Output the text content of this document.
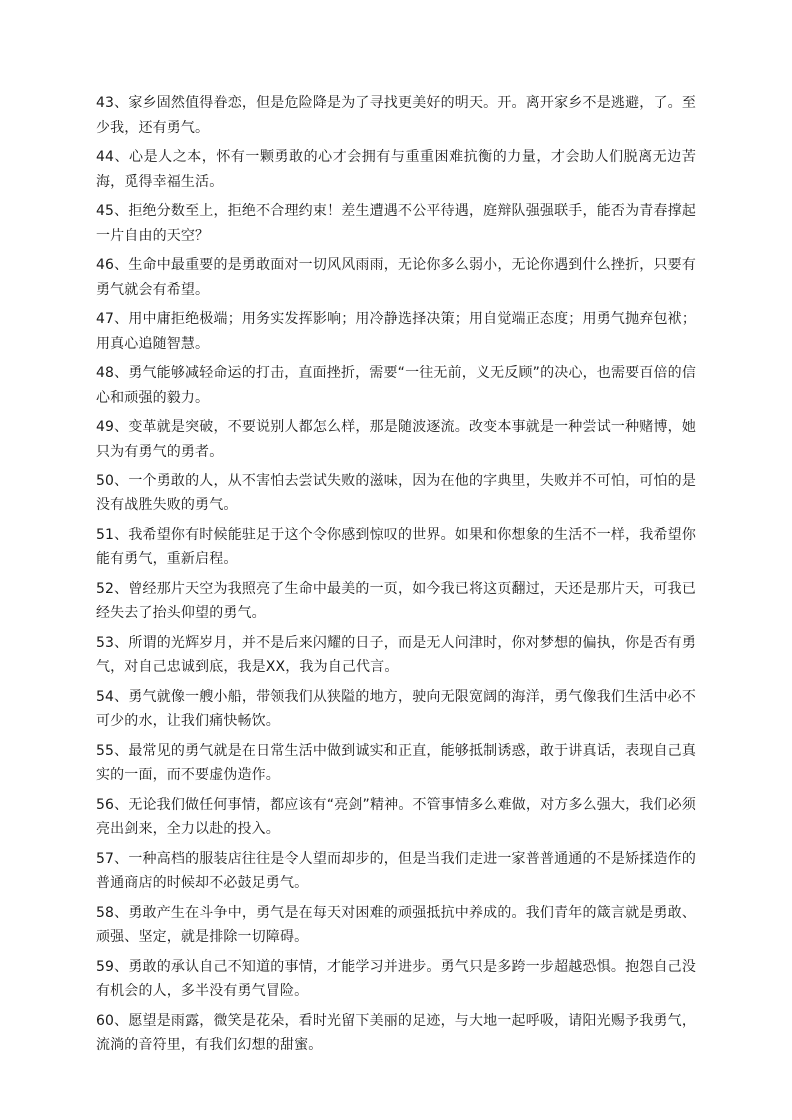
43、家乡固然值得眷恋，但是危险降是为了寻找更美好的明天。开。离开家乡不是逃避，了。至少我，还有勇气。

44、心是人之本，怀有一颗勇敢的心才会拥有与重重困难抗衡的力量，才会助人们脱离无边苦海，觅得幸福生活。

45、拒绝分数至上，拒绝不合理约束！差生遭遇不公平待遇，庭辩队强强联手，能否为青春撑起一片自由的天空？

46、生命中最重要的是勇敢面对一切风风雨雨，无论你多么弱小，无论你遇到什么挫折，只要有勇气就会有希望。

47、用中庸拒绝极端；用务实发挥影响；用冷静选择决策；用自觉端正态度；用勇气抛弃包袱；用真心追随智慧。

48、勇气能够减轻命运的打击，直面挫折，需要“一往无前，义无反顾”的决心，也需要百倍的信心和顽强的毅力。

49、变革就是突破，不要说别人都怎么样，那是随波逐流。改变本事就是一种尝试一种赌博，她只为有勇气的勇者。

50、一个勇敢的人，从不害怕去尝试失败的滋味，因为在他的字典里，失败并不可怕，可怕的是没有战胜失败的勇气。

51、我希望你有时候能驻足于这个令你感到惊叹的世界。如果和你想象的生活不一样，我希望你能有勇气，重新启程。

52、曾经那片天空为我照亮了生命中最美的一页，如今我已将这页翻过，天还是那片天，可我已经失去了抬头仰望的勇气。

53、所谓的光辉岁月，并不是后来闪耀的日子，而是无人问津时，你对梦想的偏执，你是否有勇气，对自己忠诚到底，我是XX，我为自己代言。

54、勇气就像一艘小船，带领我们从狭隘的地方，驶向无限宽阔的海洋，勇气像我们生活中必不可少的水，让我们痛快畅饮。

55、最常见的勇气就是在日常生活中做到诚实和正直，能够抵制诱惑，敢于讲真话，表现自己真实的一面，而不要虚伪造作。

56、无论我们做任何事情，都应该有“亮剑”精神。不管事情多么难做，对方多么强大，我们必须亮出剑来，全力以赴的投入。

57、一种高档的服装店往往是令人望而却步的，但是当我们走进一家普普通通的不是矫揉造作的普通商店的时候却不必鼓足勇气。

58、勇敢产生在斗争中，勇气是在每天对困难的顽强抵抗中养成的。我们青年的箴言就是勇敢、顽强、坚定，就是排除一切障碍。

59、勇敢的承认自己不知道的事情，才能学习并进步。勇气只是多跨一步超越恐惧。抱怨自己没有机会的人，多半没有勇气冒险。

60、愿望是雨露，微笑是花朵，看时光留下美丽的足迹，与大地一起呼吸，请阳光赐予我勇气，流淌的音符里，有我们幻想的甜蜜。
